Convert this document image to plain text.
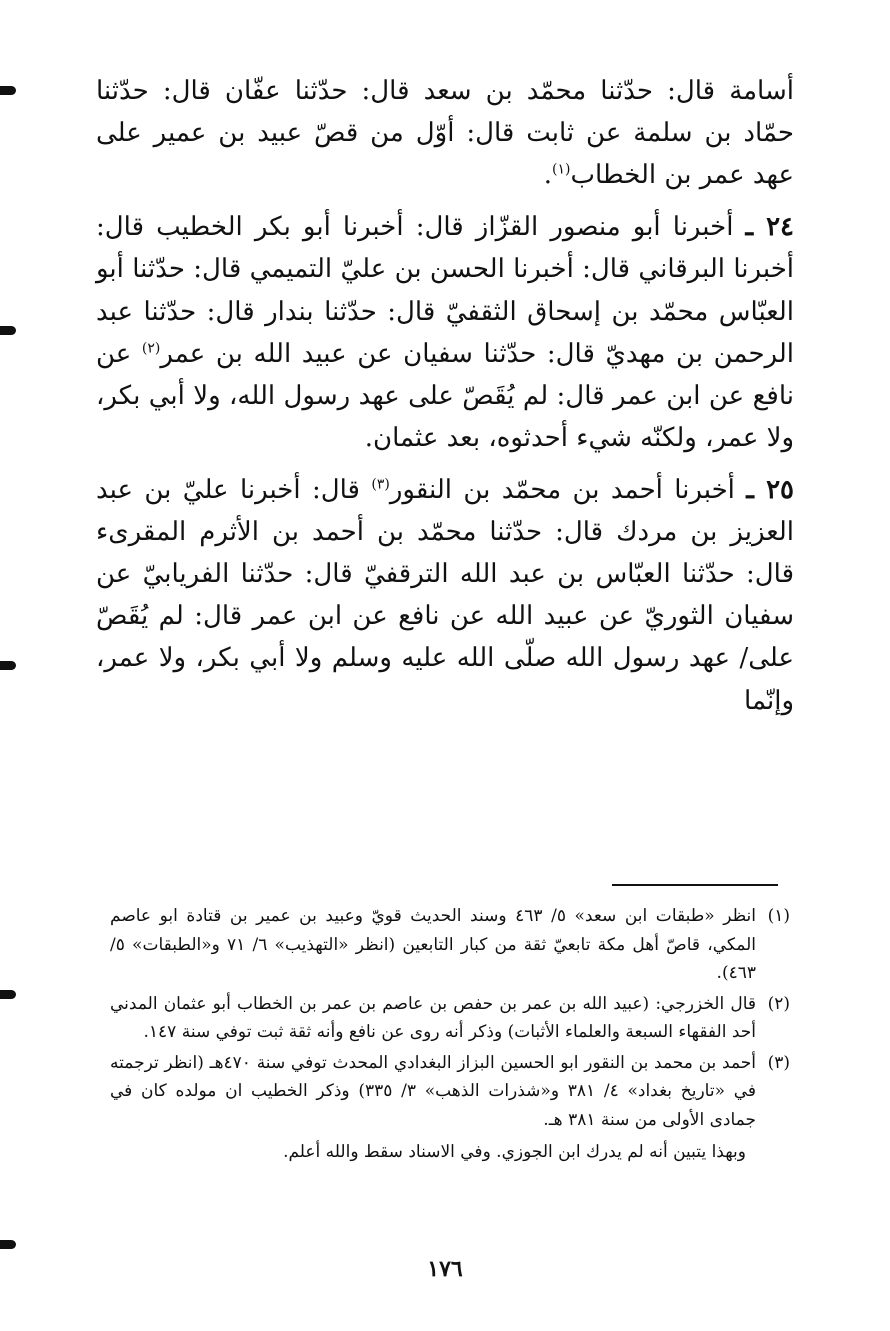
أسامة قال: حدّثنا محمّد بن سعد قال: حدّثنا عفّان قال: حدّثنا حمّاد بن سلمة عن ثابت قال: أوّل من قصّ عبيد بن عمير على عهد عمر بن الخطاب$^{(١)}$.

٢٤ ـ أخبرنا أبو منصور القزّاز قال: أخبرنا أبو بكر الخطيب قال: أخبرنا البرقاني قال: أخبرنا الحسن بن عليّ التميمي قال: حدّثنا أبو العبّاس محمّد بن إسحاق الثقفيّ قال: حدّثنا بندار قال: حدّثنا عبد الرحمن بن مهديّ قال: حدّثنا سفيان عن عبيد الله بن عمر$^{(٢)}$ عن نافع عن ابن عمر قال: لم يُقَصّ على عهد رسول الله، ولا أبي بكر، ولا عمر، ولكنّه شيء أحدثوه، بعد عثمان.

٢٥ ـ أخبرنا أحمد بن محمّد بن النقور$^{(٣)}$ قال: أخبرنا عليّ بن عبد العزيز بن مردك قال: حدّثنا محمّد بن أحمد بن الأثرم المقرىء قال: حدّثنا العبّاس بن عبد الله الترقفيّ قال: حدّثنا الفريابيّ عن سفيان الثوريّ عن عبيد الله عن نافع عن ابن عمر قال: لم يُقَصّ على/ عهد رسول الله صلّى الله عليه وسلم ولا أبي بكر، ولا عمر، وإنّما

(١)
انظر «طبقات ابن سعد» ٥/ ٤٦٣ وسند الحديث قويّ وعبيد بن عمير بن قتادة ابو عاصم المكي، قاصّ أهل مكة تابعيّ ثقة من كبار التابعين (انظر «التهذيب» ٦/ ٧١ و«الطبقات» ٥/ ٤٦٣).
(٢)
قال الخزرجي: (عبيد الله بن عمر بن حفص بن عاصم بن عمر بن الخطاب أبو عثمان المدني أحد الفقهاء السبعة والعلماء الأثبات) وذكر أنه روى عن نافع وأنه ثقة ثبت توفي سنة ١٤٧.
(٣)
أحمد بن محمد بن النقور ابو الحسين البزاز البغدادي المحدث توفي سنة ٤٧٠هـ (انظر ترجمته في «تاريخ بغداد» ٤/ ٣٨١ و«شذرات الذهب» ٣/ ٣٣٥) وذكر الخطيب ان مولده كان في جمادى الأولى من سنة ٣٨١ هـ.
وبهذا يتبين أنه لم يدرك ابن الجوزي. وفي الاسناد سقط والله أعلم.
١٧٦
